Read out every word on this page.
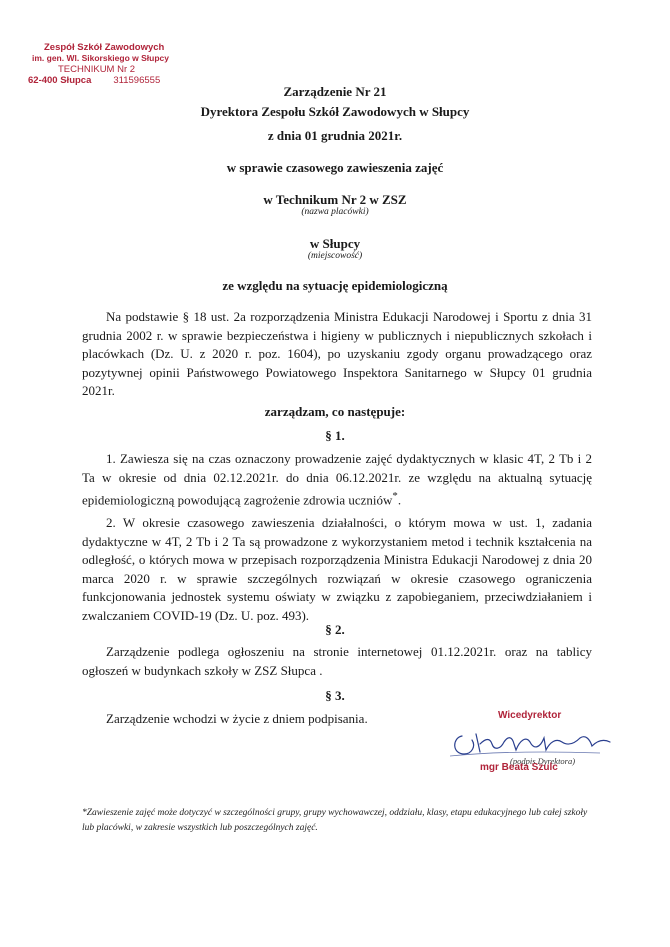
Zespół Szkół Zawodowych
im. gen. Wl. Sikorskiego w Słupcy
TECHNIKUM Nr 2
62-400 Słupca 311596555
Zarządzenie Nr 21
Dyrektora Zespołu Szkół Zawodowych w Słupcy
z dnia 01 grudnia 2021r.
w sprawie czasowego zawieszenia zajęć
w Technikum Nr 2 w ZSZ
(nazwa placówki)
w Słupcy
(miejscowość)
ze względu na sytuację epidemiologiczną
Na podstawie § 18 ust. 2a rozporządzenia Ministra Edukacji Narodowej i Sportu z dnia 31 grudnia 2002 r. w sprawie bezpieczeństwa i higieny w publicznych i niepublicznych szkołach i placówkach (Dz. U. z 2020 r. poz. 1604), po uzyskaniu zgody organu prowadzącego oraz pozytywnej opinii Państwowego Powiatowego Inspektora Sanitarnego w Słupcy 01 grudnia 2021r.
zarządzam, co następuje:
§ 1.
1. Zawiesza się na czas oznaczony prowadzenie zajęć dydaktycznych w klasic 4T, 2 Tb i 2 Ta w okresie od dnia 02.12.2021r. do dnia 06.12.2021r. ze względu na aktualną sytuację epidemiologiczną powodującą zagrożenie zdrowia uczniów*.
2. W okresie czasowego zawieszenia działalności, o którym mowa w ust. 1, zadania dydaktyczne w 4T, 2 Tb i 2 Ta są prowadzone z wykorzystaniem metod i technik kształcenia na odległość, o których mowa w przepisach rozporządzenia Ministra Edukacji Narodowej z dnia 20 marca 2020 r. w sprawie szczególnych rozwiązań w okresie czasowego ograniczenia funkcjonowania jednostek systemu oświaty w związku z zapobieganiem, przeciwdziałaniem i zwalczaniem COVID-19 (Dz. U. poz. 493).
§ 2.
Zarządzenie podlega ogłoszeniu na stronie internetowej 01.12.2021r. oraz na tablicy ogłoszeń w budynkach szkoły w ZSZ Słupca .
§ 3.
Zarządzenie wchodzi w życie z dniem podpisania.	Wicedyrektor
(podpis Dyrektora)
mgr Beata Szulc
*Zawieszenie zajęć może dotyczyć w szczególności grupy, grupy wychowawczej, oddziału, klasy, etapu edukacyjnego lub całej szkoły lub placówki, w zakresie wszystkich lub poszczególnych zajęć.
